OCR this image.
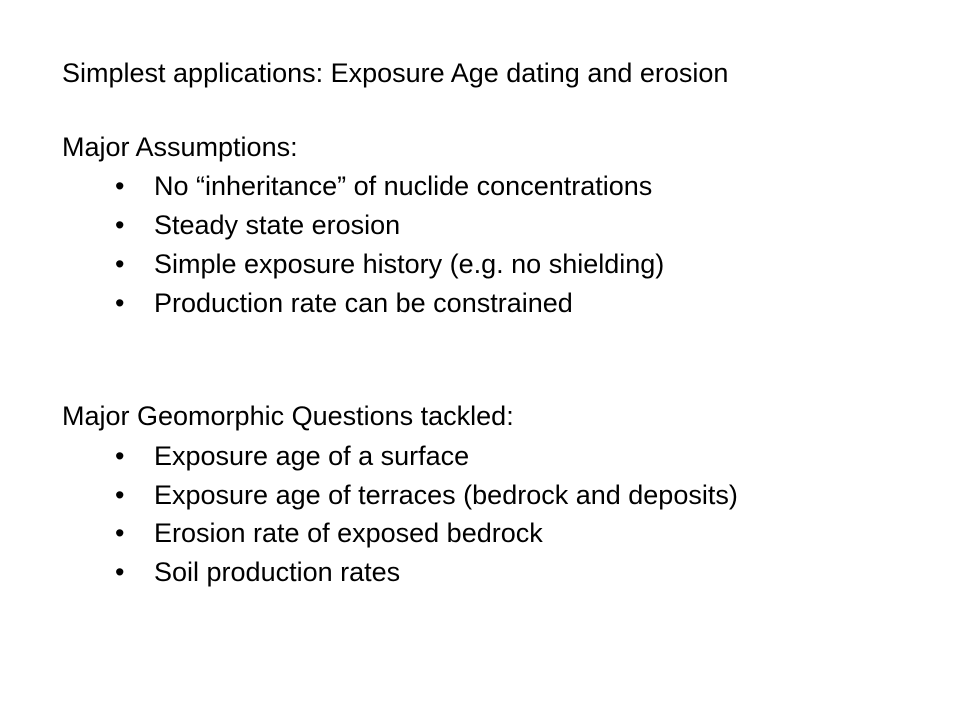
Simplest applications: Exposure Age dating and erosion
Major Assumptions:
•	No “inheritance” of nuclide concentrations
•	Steady state erosion
•	Simple exposure history (e.g. no shielding)
•	Production rate can be constrained
Major Geomorphic Questions tackled:
•	Exposure age of a surface
•	Exposure age of terraces (bedrock and deposits)
•	Erosion rate of exposed bedrock
•	Soil production rates
